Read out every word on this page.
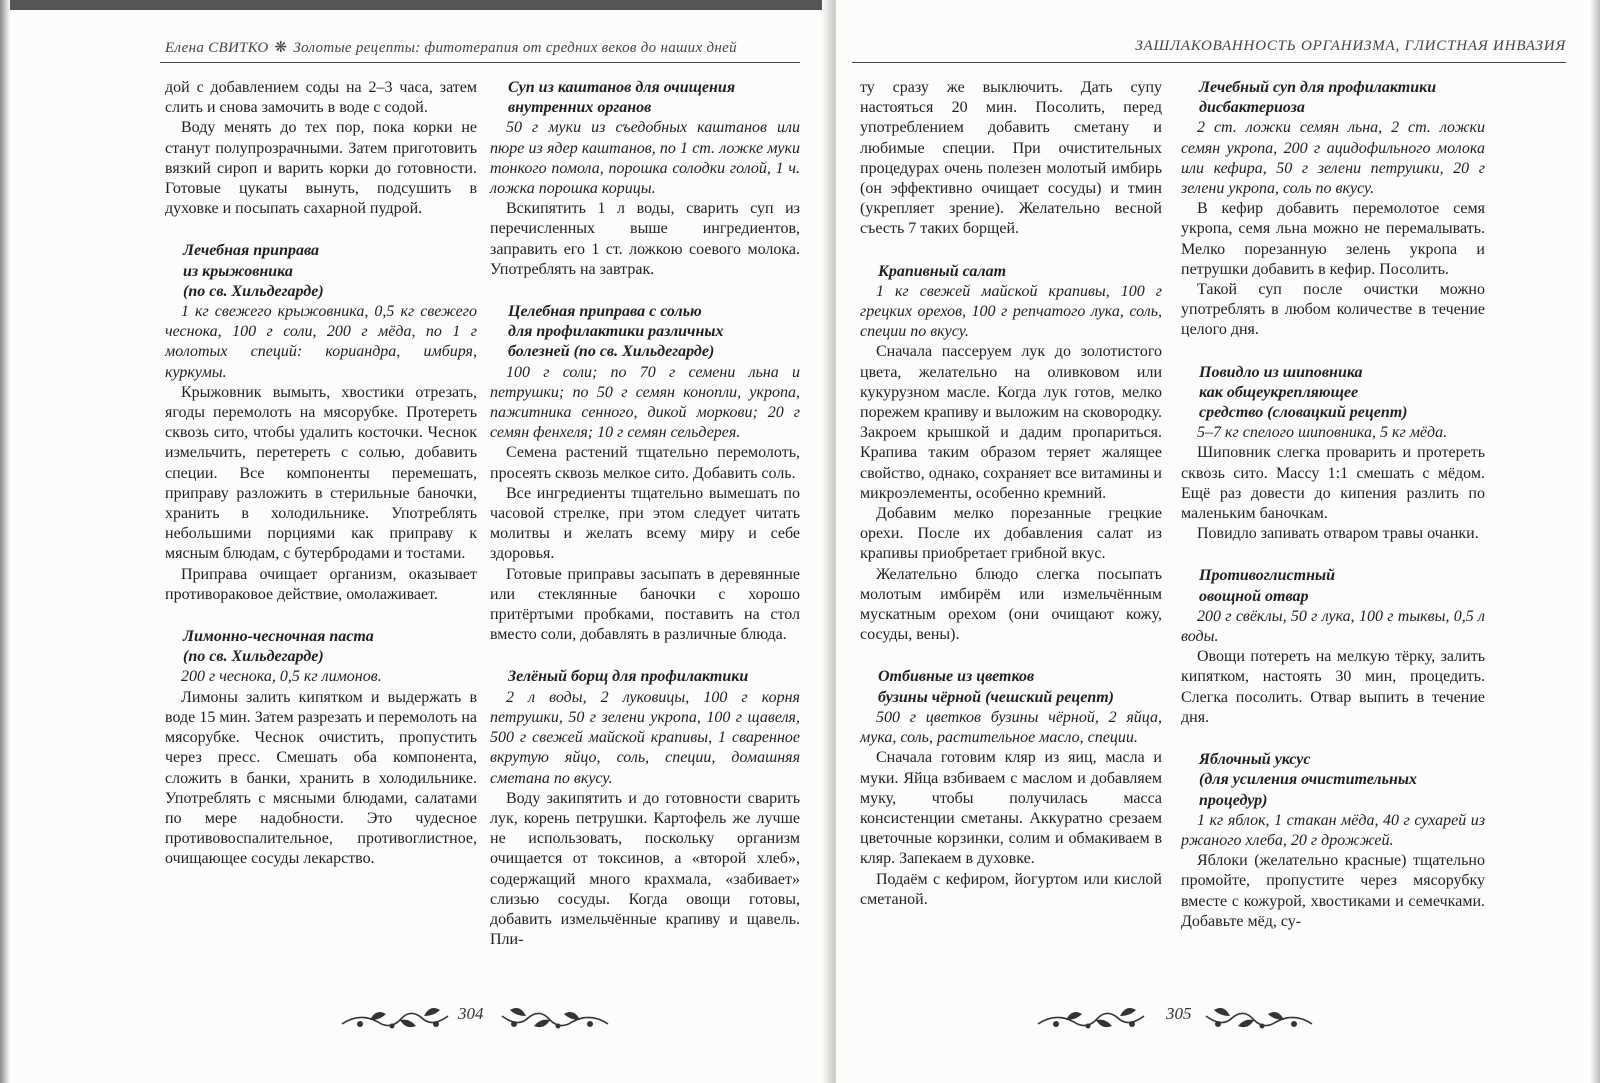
Елена СВИТКО ❋ Золотые рецепты: фитотерапия от средних веков до наших дней

дой с добавлением соды на 2–3 часа, затем слить и снова замочить в воде с содой.

Воду менять до тех пор, пока корки не станут полупрозрачными. Затем приготовить вязкий сироп и варить корки до готовности. Готовые цукаты вынуть, подсушить в духовке и посыпать сахарной пудрой.

Лечебная приправа
из крыжовника
(по св. Хильдегарде)

1 кг свежего крыжовника, 0,5 кг свежего чеснока, 100 г соли, 200 г мёда, по 1 г молотых специй: кориандра, имбиря, куркумы.

Крыжовник вымыть, хвостики отрезать, ягоды перемолоть на мясорубке. Протереть сквозь сито, чтобы удалить косточки. Чеснок измельчить, перетереть с солью, добавить специи. Все компоненты перемешать, приправу разложить в стерильные баночки, хранить в холодильнике. Употреблять небольшими порциями как приправу к мясным блюдам, с бутербродами и тостами.

Приправа очищает организм, оказывает противораковое действие, омолаживает.

Лимонно-чесночная паста
(по св. Хильдегарде)

200 г чеснока, 0,5 кг лимонов.

Лимоны залить кипятком и выдержать в воде 15 мин. Затем разрезать и перемолоть на мясорубке. Чеснок очистить, пропустить через пресс. Смешать оба компонента, сложить в банки, хранить в холодильнике. Употреблять с мясными блюдами, салатами по мере надобности. Это чудесное противовоспалительное, противоглистное, очищающее сосуды лекарство.

Суп из каштанов для очищения
внутренних органов

50 г муки из съедобных каштанов или пюре из ядер каштанов, по 1 ст. ложке муки тонкого помола, порошка солодки голой, 1 ч. ложка порошка корицы.

Вскипятить 1 л воды, сварить суп из перечисленных выше ингредиентов, заправить его 1 ст. ложкою соевого молока. Употреблять на завтрак.

Целебная приправа с солью
для профилактики различных
болезней (по св. Хильдегарде)

100 г соли; по 70 г семени льна и петрушки; по 50 г семян конопли, укропа, пажитника сенного, дикой моркови; 20 г семян фенхеля; 10 г семян сельдерея.

Семена растений тщательно перемолоть, просеять сквозь мелкое сито. Добавить соль.

Все ингредиенты тщательно вымешать по часовой стрелке, при этом следует читать молитвы и желать всему миру и себе здоровья.

Готовые приправы засыпать в деревянные или стеклянные баночки с хорошо притёртыми пробками, поставить на стол вместо соли, добавлять в различные блюда.

Зелёный борщ для профилактики

2 л воды, 2 луковицы, 100 г корня петрушки, 50 г зелени укропа, 100 г щавеля, 500 г свежей майской крапивы, 1 сваренное вкрутую яйцо, соль, специи, домашняя сметана по вкусу.

Воду закипятить и до готовности сварить лук, корень петрушки. Картофель же лучше не использовать, поскольку организм очищается от токсинов, а «второй хлеб», содержащий много крахмала, «забивает» слизью сосуды. Когда овощи готовы, добавить измельчённые крапиву и щавель. Пли-

304
ЗАШЛАКОВАННОСТЬ ОРГАНИЗМА, ГЛИСТНАЯ ИНВАЗИЯ

ту сразу же выключить. Дать супу настояться 20 мин. Посолить, перед употреблением добавить сметану и любимые специи. При очистительных процедурах очень полезен молотый имбирь (он эффективно очищает сосуды) и тмин (укрепляет зрение). Желательно весной съесть 7 таких борщей.

Крапивный салат

1 кг свежей майской крапивы, 100 г грецких орехов, 100 г репчатого лука, соль, специи по вкусу.

Сначала пассеруем лук до золотистого цвета, желательно на оливковом или кукурузном масле. Когда лук готов, мелко порежем крапиву и выложим на сковородку. Закроем крышкой и дадим пропариться. Крапива таким образом теряет жалящее свойство, однако, сохраняет все витамины и микроэлементы, особенно кремний.

Добавим мелко порезанные грецкие орехи. После их добавления салат из крапивы приобретает грибной вкус.

Желательно блюдо слегка посыпать молотым имбирём или измельчённым мускатным орехом (они очищают кожу, сосуды, вены).

Отбивные из цветков
бузины чёрной (чешский рецепт)

500 г цветков бузины чёрной, 2 яйца, мука, соль, растительное масло, специи.

Сначала готовим кляр из яиц, масла и муки. Яйца взбиваем с маслом и добавляем муку, чтобы получилась масса консистенции сметаны. Аккуратно срезаем цветочные корзинки, солим и обмакиваем в кляр. Запекаем в духовке.

Подаём с кефиром, йогуртом или кислой сметаной.

Лечебный суп для профилактики
дисбактериоза

2 ст. ложки семян льна, 2 ст. ложки семян укропа, 200 г ацидофильного молока или кефира, 50 г зелени петрушки, 20 г зелени укропа, соль по вкусу.

В кефир добавить перемолотое семя укропа, семя льна можно не перемалывать. Мелко порезанную зелень укропа и петрушки добавить в кефир. Посолить.

Такой суп после очистки можно употреблять в любом количестве в течение целого дня.

Повидло из шиповника
как общеукрепляющее
средство (словацкий рецепт)

5–7 кг спелого шиповника, 5 кг мёда.

Шиповник слегка проварить и протереть сквозь сито. Массу 1:1 смешать с мёдом. Ещё раз довести до кипения разлить по маленьким баночкам.

Повидло запивать отваром травы очанки.

Противоглистный
овощной отвар

200 г свёклы, 50 г лука, 100 г тыквы, 0,5 л воды.

Овощи потереть на мелкую тёрку, залить кипятком, настоять 30 мин, процедить. Слегка посолить. Отвар выпить в течение дня.

Яблочный уксус
(для усиления очистительных
процедур)

1 кг яблок, 1 стакан мёда, 40 г сухарей из ржаного хлеба, 20 г дрожжей.

Яблоки (желательно красные) тщательно промойте, пропустите через мясорубку вместе с кожурой, хвостиками и семечками. Добавьте мёд, су-

305
